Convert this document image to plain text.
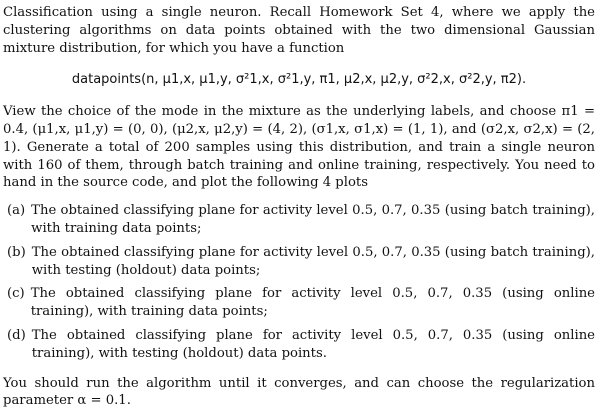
Classification using a single neuron. Recall Homework Set 4, where we apply the clustering algorithms on data points obtained with the two dimensional Gaussian mixture distribution, for which you have a function

datapoints(n, μ1,x, μ1,y, σ²1,x, σ²1,y, π1, μ2,x, μ2,y, σ²2,x, σ²2,y, π2).

View the choice of the mode in the mixture as the underlying labels, and choose π1 = 0.4, (μ1,x, μ1,y) = (0, 0), (μ2,x, μ2,y) = (4, 2), (σ1,x, σ1,x) = (1, 1), and (σ2,x, σ2,x) = (2, 1). Generate a total of 200 samples using this distribution, and train a single neuron with 160 of them, through batch training and online training, respectively. You need to hand in the source code, and plot the following 4 plots

(a) The obtained classifying plane for activity level 0.5, 0.7, 0.35 (using batch training), with training data points;
(b) The obtained classifying plane for activity level 0.5, 0.7, 0.35 (using batch training), with testing (holdout) data points;
(c) The obtained classifying plane for activity level 0.5, 0.7, 0.35 (using online training), with training data points;
(d) The obtained classifying plane for activity level 0.5, 0.7, 0.35 (using online training), with testing (holdout) data points.

You should run the algorithm until it converges, and can choose the regularization parameter α = 0.1.
